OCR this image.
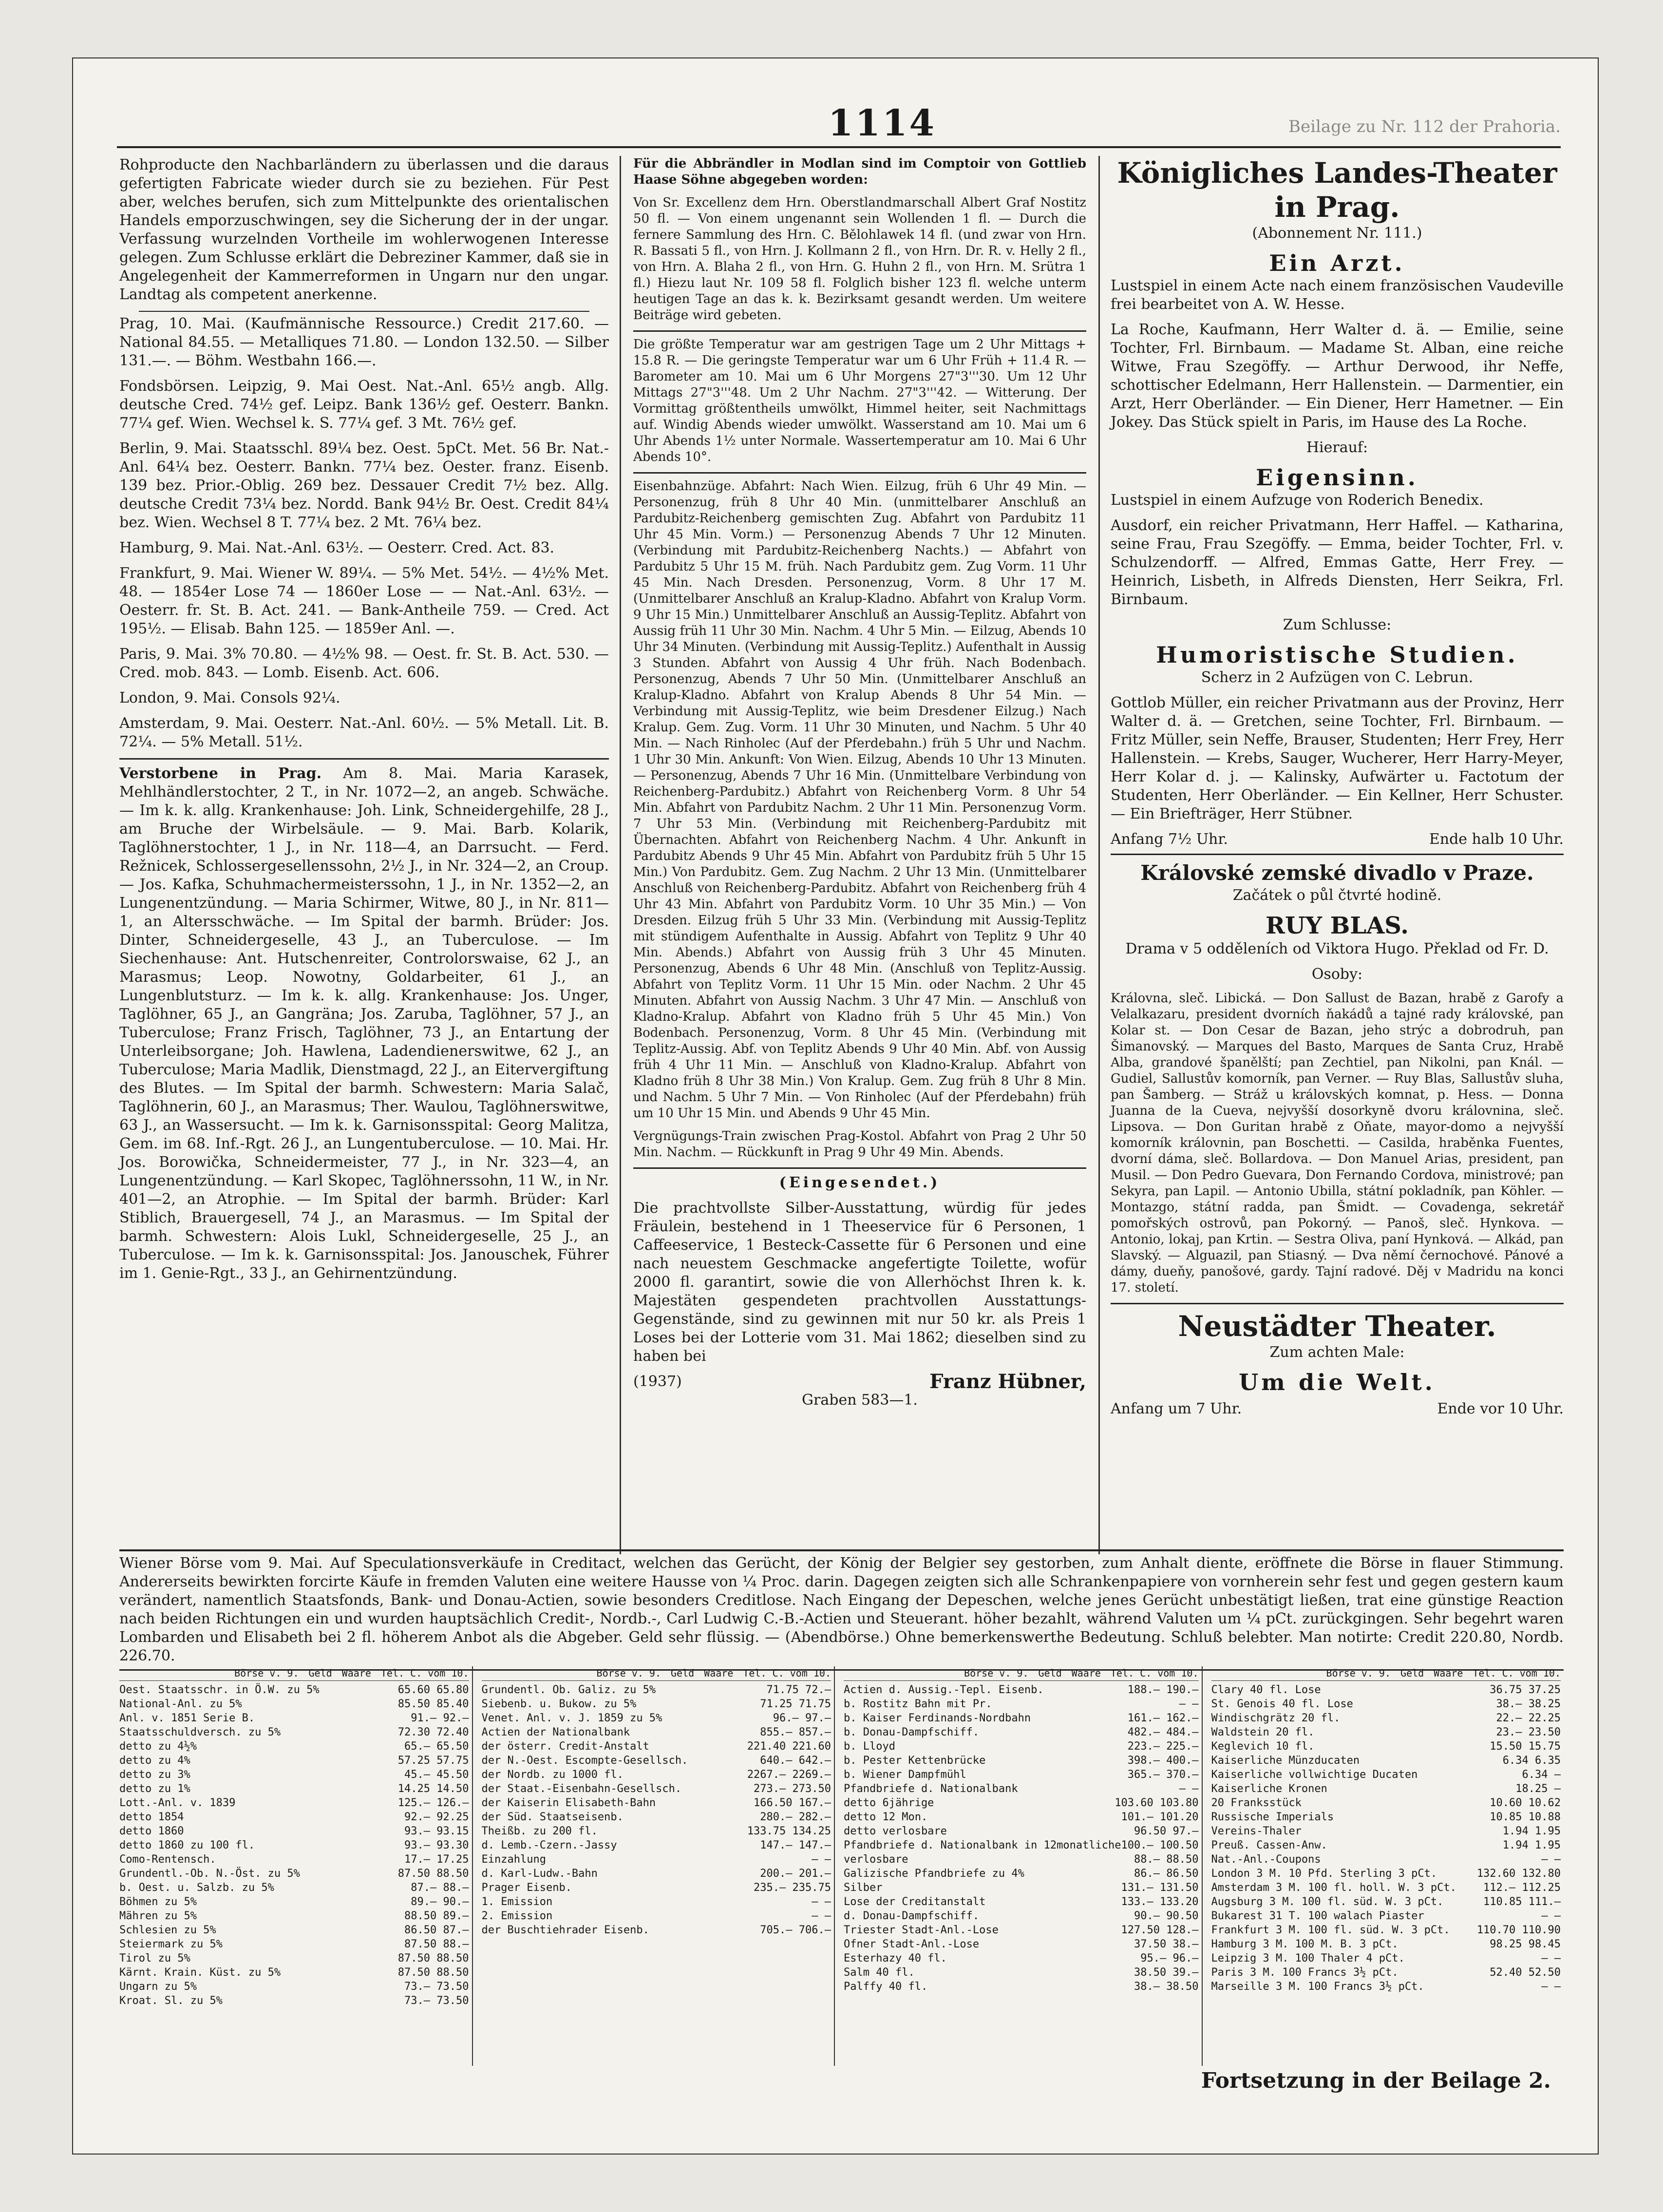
1114	Beilage zu Nr. 112 der Prahoria.

Rohproducte den Nachbarländern zu überlassen und die daraus gefertigten Fabricate wieder durch sie zu beziehen. Für Pest aber, welches berufen, sich zum Mittelpunkte des orientalischen Handels emporzuschwingen, sey die Sicherung der in der ungar. Verfassung wurzelnden Vortheile im wohlerwogenen Interesse gelegen. Zum Schlusse erklärt die Debreziner Kammer, daß sie in Angelegenheit der Kammerreformen in Ungarn nur den ungar. Landtag als competent anerkenne.

Prag, 10. Mai. (Kaufmännische Ressource.) Credit 217.60. — National 84.55. — Metalliques 71.80. — London 132.50. — Silber 131.—. — Böhm. Westbahn 166.—.

Fondsbörsen. Leipzig, 9. Mai Oest. Nat.-Anl. 65½ angb. Allg. deutsche Cred. 74½ gef. Leipz. Bank 136½ gef. Oesterr. Bankn. 77¼ gef. Wien. Wechsel k. S. 77¼ gef. 3 Mt. 76½ gef.

Berlin, 9. Mai. Staatsschl. 89¼ bez. Oest. 5pCt. Met. 56 Br. Nat.-Anl. 64¼ bez. Oesterr. Bankn. 77¼ bez. Oester. franz. Eisenb. 139 bez. Prior.-Oblig. 269 bez. Dessauer Credit 7½ bez. Allg. deutsche Credit 73¼ bez. Nordd. Bank 94½ Br. Oest. Credit 84¼ bez. Wien. Wechsel 8 T. 77¼ bez. 2 Mt. 76¼ bez.

Hamburg, 9. Mai. Nat.-Anl. 63½. — Oesterr. Cred. Act. 83.

Frankfurt, 9. Mai. Wiener W. 89¼. — 5% Met. 54½. — 4½% Met. 48. — 1854er Lose 74 — 1860er Lose — — Nat.-Anl. 63½. — Oesterr. fr. St. B. Act. 241. — Bank-Antheile 759. — Cred. Act 195½. — Elisab. Bahn 125. — 1859er Anl. —.

Paris, 9. Mai. 3% 70.80. — 4½% 98. — Oest. fr. St. B. Act. 530. — Cred. mob. 843. — Lomb. Eisenb. Act. 606.

London, 9. Mai. Consols 92¼.

Amsterdam, 9. Mai. Oesterr. Nat.-Anl. 60½. — 5% Metall. Lit. B. 72¼. — 5% Metall. 51½.

Verstorbene in Prag. Am 8. Mai. Maria Karasek, Mehlhändlerstochter, 2 T., in Nr. 1072—2, an angeb. Schwäche. — Im k. k. allg. Krankenhause: Joh. Link, Schneidergehilfe, 28 J., am Bruche der Wirbelsäule. — 9. Mai. Barb. Kolarik, Taglöhnerstochter, 1 J., in Nr. 118—4, an Darrsucht. — Ferd. Režnicek, Schlossergesellenssohn, 2½ J., in Nr. 324—2, an Croup. — Jos. Kafka, Schuhmachermeisterssohn, 1 J., in Nr. 1352—2, an Lungenentzündung. — Maria Schirmer, Witwe, 80 J., in Nr. 811—1, an Altersschwäche. — Im Spital der barmh. Brüder: Jos. Dinter, Schneidergeselle, 43 J., an Tuberculose. — Im Siechenhause: Ant. Hutschenreiter, Controlorswaise, 62 J., an Marasmus; Leop. Nowotny, Goldarbeiter, 61 J., an Lungenblutsturz. — Im k. k. allg. Krankenhause: Jos. Unger, Taglöhner, 65 J., an Gangräna; Jos. Zaruba, Taglöhner, 57 J., an Tuberculose; Franz Frisch, Taglöhner, 73 J., an Entartung der Unterleibsorgane; Joh. Hawlena, Ladendienerswitwe, 62 J., an Tuberculose; Maria Madlik, Dienstmagd, 22 J., an Eitervergiftung des Blutes. — Im Spital der barmh. Schwestern: Maria Salač, Taglöhnerin, 60 J., an Marasmus; Ther. Waulou, Taglöhnerswitwe, 63 J., an Wassersucht. — Im k. k. Garnisonsspital: Georg Malitza, Gem. im 68. Inf.-Rgt. 26 J., an Lungentuberculose. — 10. Mai. Hr. Jos. Borowička, Schneidermeister, 77 J., in Nr. 323—4, an Lungenentzündung. — Karl Skopec, Taglöhnerssohn, 11 W., in Nr. 401—2, an Atrophie. — Im Spital der barmh. Brüder: Karl Stiblich, Brauergesell, 74 J., an Marasmus. — Im Spital der barmh. Schwestern: Alois Lukl, Schneidergeselle, 25 J., an Tuberculose. — Im k. k. Garnisonsspital: Jos. Janouschek, Führer im 1. Genie-Rgt., 33 J., an Gehirnentzündung.

Für die Abbrändler in Modlan sind im Comptoir von Gottlieb Haase Söhne abgegeben worden:

Von Sr. Excellenz dem Hrn. Oberstlandmarschall Albert Graf Nostitz 50 fl. — Von einem ungenannt sein Wollenden 1 fl. — Durch die fernere Sammlung des Hrn. C. Bělohlawek 14 fl. (und zwar von Hrn. R. Bassati 5 fl., von Hrn. J. Kollmann 2 fl., von Hrn. Dr. R. v. Helly 2 fl., von Hrn. A. Blaha 2 fl., von Hrn. G. Huhn 2 fl., von Hrn. M. Srütra 1 fl.) Hiezu laut Nr. 109 58 fl. Folglich bisher 123 fl. welche unterm heutigen Tage an das k. k. Bezirksamt gesandt werden. Um weitere Beiträge wird gebeten.

Die größte Temperatur war am gestrigen Tage um 2 Uhr Mittags + 15.8 R. — Die geringste Temperatur war um 6 Uhr Früh + 11.4 R. — Barometer am 10. Mai um 6 Uhr Morgens 27"3'''30. Um 12 Uhr Mittags 27"3'''48. Um 2 Uhr Nachm. 27"3'''42. — Witterung. Der Vormittag größtentheils umwölkt, Himmel heiter, seit Nachmittags auf. Windig Abends wieder umwölkt. Wasserstand am 10. Mai um 6 Uhr Abends 1½ unter Normale. Wassertemperatur am 10. Mai 6 Uhr Abends 10°.

Eisenbahnzüge. Abfahrt: Nach Wien. Eilzug, früh 6 Uhr 49 Min. — Personenzug, früh 8 Uhr 40 Min. (unmittelbarer Anschluß an Pardubitz-Reichenberg gemischten Zug. Abfahrt von Pardubitz 11 Uhr 45 Min. Vorm.) — Personenzug Abends 7 Uhr 12 Minuten. (Verbindung mit Pardubitz-Reichenberg Nachts.) — Abfahrt von Pardubitz 5 Uhr 15 M. früh. Nach Pardubitz gem. Zug Vorm. 11 Uhr 45 Min. Nach Dresden. Personenzug, Vorm. 8 Uhr 17 M. (Unmittelbarer Anschluß an Kralup-Kladno. Abfahrt von Kralup Vorm. 9 Uhr 15 Min.) Unmittelbarer Anschluß an Aussig-Teplitz. Abfahrt von Aussig früh 11 Uhr 30 Min. Nachm. 4 Uhr 5 Min. — Eilzug, Abends 10 Uhr 34 Minuten. (Verbindung mit Aussig-Teplitz.) Aufenthalt in Aussig 3 Stunden. Abfahrt von Aussig 4 Uhr früh. Nach Bodenbach. Personenzug, Abends 7 Uhr 50 Min. (Unmittelbarer Anschluß an Kralup-Kladno. Abfahrt von Kralup Abends 8 Uhr 54 Min. — Verbindung mit Aussig-Teplitz, wie beim Dresdener Eilzug.) Nach Kralup. Gem. Zug. Vorm. 11 Uhr 30 Minuten, und Nachm. 5 Uhr 40 Min. — Nach Rinholec (Auf der Pferdebahn.) früh 5 Uhr und Nachm. 1 Uhr 30 Min. Ankunft: Von Wien. Eilzug, Abends 10 Uhr 13 Minuten. — Personenzug, Abends 7 Uhr 16 Min. (Unmittelbare Verbindung von Reichenberg-Pardubitz.) Abfahrt von Reichenberg Vorm. 8 Uhr 54 Min. Abfahrt von Pardubitz Nachm. 2 Uhr 11 Min. Personenzug Vorm. 7 Uhr 53 Min. (Verbindung mit Reichenberg-Pardubitz mit Übernachten. Abfahrt von Reichenberg Nachm. 4 Uhr. Ankunft in Pardubitz Abends 9 Uhr 45 Min. Abfahrt von Pardubitz früh 5 Uhr 15 Min.) Von Pardubitz. Gem. Zug Nachm. 2 Uhr 13 Min. (Unmittelbarer Anschluß von Reichenberg-Pardubitz. Abfahrt von Reichenberg früh 4 Uhr 43 Min. Abfahrt von Pardubitz Vorm. 10 Uhr 35 Min.) — Von Dresden. Eilzug früh 5 Uhr 33 Min. (Verbindung mit Aussig-Teplitz mit stündigem Aufenthalte in Aussig. Abfahrt von Teplitz 9 Uhr 40 Min. Abends.) Abfahrt von Aussig früh 3 Uhr 45 Minuten. Personenzug, Abends 6 Uhr 48 Min. (Anschluß von Teplitz-Aussig. Abfahrt von Teplitz Vorm. 11 Uhr 15 Min. oder Nachm. 2 Uhr 45 Minuten. Abfahrt von Aussig Nachm. 3 Uhr 47 Min. — Anschluß von Kladno-Kralup. Abfahrt von Kladno früh 5 Uhr 45 Min.) Von Bodenbach. Personenzug, Vorm. 8 Uhr 45 Min. (Verbindung mit Teplitz-Aussig. Abf. von Teplitz Abends 9 Uhr 40 Min. Abf. von Aussig früh 4 Uhr 11 Min. — Anschluß von Kladno-Kralup. Abfahrt von Kladno früh 8 Uhr 38 Min.) Von Kralup. Gem. Zug früh 8 Uhr 8 Min. und Nachm. 5 Uhr 7 Min. — Von Rinholec (Auf der Pferdebahn) früh um 10 Uhr 15 Min. und Abends 9 Uhr 45 Min.

Vergnügungs-Train zwischen Prag-Kostol. Abfahrt von Prag 2 Uhr 50 Min. Nachm. — Rückkunft in Prag 9 Uhr 49 Min. Abends.

(Eingesendet.)

Die prachtvollste Silber-Ausstattung, würdig für jedes Fräulein, bestehend in 1 Theeservice für 6 Personen, 1 Caffeeservice, 1 Besteck-Cassette für 6 Personen und eine nach neuestem Geschmacke angefertigte Toilette, wofür 2000 fl. garantirt, sowie die von Allerhöchst Ihren k. k. Majestäten gespendeten prachtvollen Ausstattungs-Gegenstände, sind zu gewinnen mit nur 50 kr. als Preis 1 Loses bei der Lotterie vom 31. Mai 1862; dieselben sind zu haben bei

(1937)	Franz Hübner,

Graben 583—1.

Königliches Landes-Theater in Prag.

(Abonnement Nr. 111.)

Ein Arzt.

Lustspiel in einem Acte nach einem französischen Vaudeville frei bearbeitet von A. W. Hesse.

La Roche, Kaufmann, Herr Walter d. ä. — Emilie, seine Tochter, Frl. Birnbaum. — Madame St. Alban, eine reiche Witwe, Frau Szegöffy. — Arthur Derwood, ihr Neffe, schottischer Edelmann, Herr Hallenstein. — Darmentier, ein Arzt, Herr Oberländer. — Ein Diener, Herr Hametner. — Ein Jokey. Das Stück spielt in Paris, im Hause des La Roche.

Hierauf:

Eigensinn.

Lustspiel in einem Aufzuge von Roderich Benedix.

Ausdorf, ein reicher Privatmann, Herr Haffel. — Katharina, seine Frau, Frau Szegöffy. — Emma, beider Tochter, Frl. v. Schulzendorff. — Alfred, Emmas Gatte, Herr Frey. — Heinrich, Lisbeth, in Alfreds Diensten, Herr Seikra, Frl. Birnbaum.

Zum Schlusse:

Humoristische Studien.

Scherz in 2 Aufzügen von C. Lebrun.

Gottlob Müller, ein reicher Privatmann aus der Provinz, Herr Walter d. ä. — Gretchen, seine Tochter, Frl. Birnbaum. — Fritz Müller, sein Neffe, Brauser, Studenten; Herr Frey, Herr Hallenstein. — Krebs, Sauger, Wucherer, Herr Harry-Meyer, Herr Kolar d. j. — Kalinsky, Aufwärter u. Factotum der Studenten, Herr Oberländer. — Ein Kellner, Herr Schuster. — Ein Briefträger, Herr Stübner.

Anfang 7½ Uhr.	Ende halb 10 Uhr.
Královské zemské divadlo v Praze.

Začátek o půl čtvrté hodině.

RUY BLAS.

Drama v 5 odděleních od Viktora Hugo. Překlad od Fr. D.

Osoby:

Královna, sleč. Libická. — Don Sallust de Bazan, hrabě z Garofy a Velalkazaru, president dvorních ňakádů a tajné rady královské, pan Kolar st. — Don Cesar de Bazan, jeho strýc a dobrodruh, pan Šimanovský. — Marques del Basto, Marques de Santa Cruz, Hrabě Alba, grandové španělští; pan Zechtiel, pan Nikolni, pan Knál. — Gudiel, Sallustův komorník, pan Verner. — Ruy Blas, Sallustův sluha, pan Šamberg. — Stráž u královských komnat, p. Hess. — Donna Juanna de la Cueva, nejvyšší dosorkyně dvoru královnina, slеč. Lipsova. — Don Guritan hrabě z Oňate, mayor-domo a nejvyšší komorník královnin, pan Boschetti. — Casilda, hraběnka Fuentes, dvorní dáma, slеč. Bollardova. — Don Manuel Arias, president, pan Musil. — Don Pedro Guevara, Don Fernando Cordova, ministrové; pan Sekyra, pan Lapil. — Antonio Ubilla, státní pokladník, pan Köhler. — Montazgo, státní radda, pan Šmidt. — Covadenga, sekretář pomořských ostrovů, pan Pokorný. — Panoš, slеč. Hynkova. — Antonio, lokaj, pan Krtin. — Sestra Oliva, paní Hynková. — Alkád, pan Slavský. — Alguazil, pan Stiasný. — Dva němí černochové. Pánové a dámy, dueňy, panošové, gardy. Tajní radové. Děj v Madridu na konci 17. století.

Neustädter Theater.

Zum achten Male:

Um die Welt.
Anfang um 7 Uhr.	Ende vor 10 Uhr.
Wiener Börse vom 9. Mai. Auf Speculationsverkäufe in Creditact, welchen das Gerücht, der König der Belgier sey gestorben, zum Anhalt diente, eröffnete die Börse in flauer Stimmung. Andererseits bewirkten forcirte Käufe in fremden Valuten eine weitere Hausse von ¼ Proc. darin. Dagegen zeigten sich alle Schrankenpapiere von vornherein sehr fest und gegen gestern kaum verändert, namentlich Staatsfonds, Bank- und Donau-Actien, sowie besonders Creditlose. Nach Eingang der Depeschen, welche jenes Gerücht unbestätigt ließen, trat eine günstige Reaction nach beiden Richtungen ein und wurden hauptsächlich Credit-, Nordb.-, Carl Ludwig C.-B.-Actien und Steuerant. höher bezahlt, während Valuten um ¼ pCt. zurückgingen. Sehr begehrt waren Lombarden und Elisabeth bei 2 fl. höherem Anbot als die Abgeber. Geld sehr flüssig. — (Abendbörse.) Ohne bemerkenswerthe Bedeutung. Schluß belebter. Man notirte: Credit 220.80, Nordb. 226.70.
Börse v. 9. Geld Waare Tel. C. vom 10.
Oest. Staatsschr. in Ö.W. zu 5%	65.60 65.80
National-Anl. zu 5%	85.50 85.40
Anl. v. 1851 Serie B.	91.— 92.—
Staatsschuldversch. zu 5%	72.30 72.40
detto zu 4½%	65.— 65.50
detto zu 4%	57.25 57.75
detto zu 3%	45.— 45.50
detto zu 1%	14.25 14.50
Lott.-Anl. v. 1839	125.— 126.—
detto 1854	92.— 92.25
detto 1860	93.— 93.15
detto 1860 zu 100 fl.	93.— 93.30
Como-Rentensch.	17.— 17.25
Grundentl.-Ob. N.-Öst. zu 5%	87.50 88.50
b. Oest. u. Salzb. zu 5%	87.— 88.—
Böhmen zu 5%	89.— 90.—
Mähren zu 5%	88.50 89.—
Schlesien zu 5%	86.50 87.—
Steiermark zu 5%	87.50 88.—
Tirol zu 5%	87.50 88.50
Kärnt. Krain. Küst. zu 5%	87.50 88.50
Ungarn zu 5%	73.— 73.50
Kroat. Sl. zu 5%	73.— 73.50
Börse v. 9. Geld Waare Tel. C. vom 10.
Grundentl. Ob. Galiz. zu 5%	71.75 72.—
Siebenb. u. Bukow. zu 5%	71.25 71.75
Venet. Anl. v. J. 1859 zu 5%	96.— 97.—
Actien der Nationalbank	855.— 857.—
der österr. Credit-Anstalt	221.40 221.60
der N.-Oest. Escompte-Gesellsch.	640.— 642.—
der Nordb. zu 1000 fl.	2267.— 2269.—
der Staat.-Eisenbahn-Gesellsch.	273.— 273.50
der Kaiserin Elisabeth-Bahn	166.50 167.—
der Süd. Staatseisenb.	280.— 282.—
Theißb. zu 200 fl.	133.75 134.25
d. Lemb.-Czern.-Jassy	147.— 147.—
Einzahlung	— —
d. Karl-Ludw.-Bahn	200.— 201.—
Prager Eisenb.	235.— 235.75
1. Emission	— —
2. Emission	— —
der Buschtiehrader Eisenb.	705.— 706.—
Börse v. 9. Geld Waare Tel. C. vom 10.
Actien d. Aussig.-Tepl. Eisenb.	188.— 190.—
b. Rostitz Bahn mit Pr.	— —
b. Kaiser Ferdinands-Nordbahn	161.— 162.—
b. Donau-Dampfschiff.	482.— 484.—
b. Lloyd	223.— 225.—
b. Pester Kettenbrücke	398.— 400.—
b. Wiener Dampfmühl	365.— 370.—
Pfandbriefe d. Nationalbank	— —
detto 6jährige	103.60 103.80
detto 12 Mon.	101.— 101.20
detto verlosbare	96.50 97.—
Pfandbriefe d. Nationalbank in 12monatliche 100.— 100.50
verlosbare	88.— 88.50
Galizische Pfandbriefe zu 4%	86.— 86.50
Silber	131.— 131.50
Lose der Creditanstalt	133.— 133.20
d. Donau-Dampfschiff.	90.— 90.50
Triester Stadt-Anl.-Lose	127.50 128.—
Ofner Stadt-Anl.-Lose	37.50 38.—
Esterhazy 40 fl.	95.— 96.—
Salm 40 fl.	38.50 39.—
Palffy 40 fl.	38.— 38.50
Börse v. 9. Geld Waare Tel. C. vom 10.
Clary 40 fl. Lose	36.75 37.25
St. Genois 40 fl. Lose	38.— 38.25
Windischgrätz 20 fl.	22.— 22.25
Waldstein 20 fl.	23.— 23.50
Keglevich 10 fl.	15.50 15.75
Kaiserliche Münzducaten	6.34 6.35
Kaiserliche vollwichtige Ducaten	6.34 —
Kaiserliche Kronen	18.25 —
20 Franksstück	10.60 10.62
Russische Imperials	10.85 10.88
Vereins-Thaler	1.94 1.95
Preuß. Cassen-Anw.	1.94 1.95
Nat.-Anl.-Coupons	— —
London 3 M. 10 Pfd. Sterling 3 pCt.	132.60 132.80
Amsterdam 3 M. 100 fl. holl. W. 3 pCt.	112.— 112.25
Augsburg 3 M. 100 fl. süd. W. 3 pCt.	110.85 111.—
Bukarest 31 T. 100 walach Piaster	— —
Frankfurt 3 M. 100 fl. süd. W. 3 pCt.	110.70 110.90
Hamburg 3 M. 100 M. B. 3 pCt.	98.25 98.45
Leipzig 3 M. 100 Thaler 4 pCt.	— —
Paris 3 M. 100 Francs 3½ pCt.	52.40 52.50
Marseille 3 M. 100 Francs 3½ pCt.	— —
Fortsetzung in der Beilage 2.
